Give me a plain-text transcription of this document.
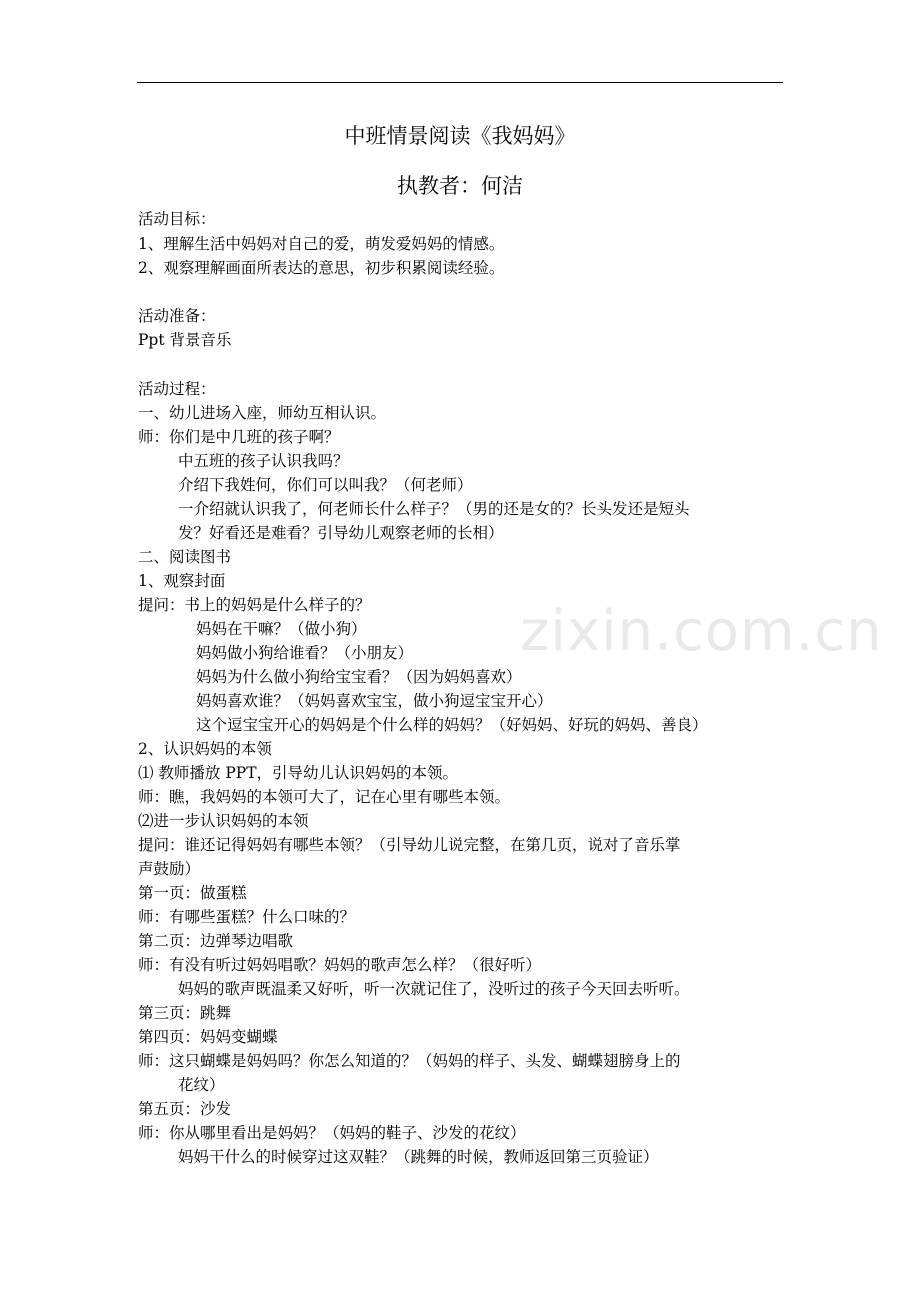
zixin.com.cn
中班情景阅读《我妈妈》
执教者：何洁
活动目标：
1、理解生活中妈妈对自己的爱，萌发爱妈妈的情感。
2、观察理解画面所表达的意思，初步积累阅读经验。
活动准备：
Ppt 背景音乐
活动过程：
一、幼儿进场入座，师幼互相认识。
师：你们是中几班的孩子啊？
中五班的孩子认识我吗？
介绍下我姓何，你们可以叫我？（何老师）
一介绍就认识我了，何老师长什么样子？（男的还是女的？长头发还是短头
发？好看还是难看？引导幼儿观察老师的长相）
二、阅读图书
1、观察封面
提问：书上的妈妈是什么样子的？
妈妈在干嘛？（做小狗）
妈妈做小狗给谁看？（小朋友）
妈妈为什么做小狗给宝宝看？（因为妈妈喜欢）
妈妈喜欢谁？（妈妈喜欢宝宝，做小狗逗宝宝开心）
这个逗宝宝开心的妈妈是个什么样的妈妈？（好妈妈、好玩的妈妈、善良）
2、认识妈妈的本领
⑴ 教师播放 PPT，引导幼儿认识妈妈的本领。
师：瞧，我妈妈的本领可大了，记在心里有哪些本领。
⑵进一步认识妈妈的本领
提问：谁还记得妈妈有哪些本领？（引导幼儿说完整，在第几页，说对了音乐掌
声鼓励）
第一页：做蛋糕
师：有哪些蛋糕？什么口味的？
第二页：边弹琴边唱歌
师：有没有听过妈妈唱歌？妈妈的歌声怎么样？（很好听）
妈妈的歌声既温柔又好听，听一次就记住了，没听过的孩子今天回去听听。
第三页：跳舞
第四页：妈妈变蝴蝶
师：这只蝴蝶是妈妈吗？你怎么知道的？（妈妈的样子、头发、蝴蝶翅膀身上的
花纹）
第五页：沙发
师：你从哪里看出是妈妈？（妈妈的鞋子、沙发的花纹）
妈妈干什么的时候穿过这双鞋？（跳舞的时候，教师返回第三页验证）
